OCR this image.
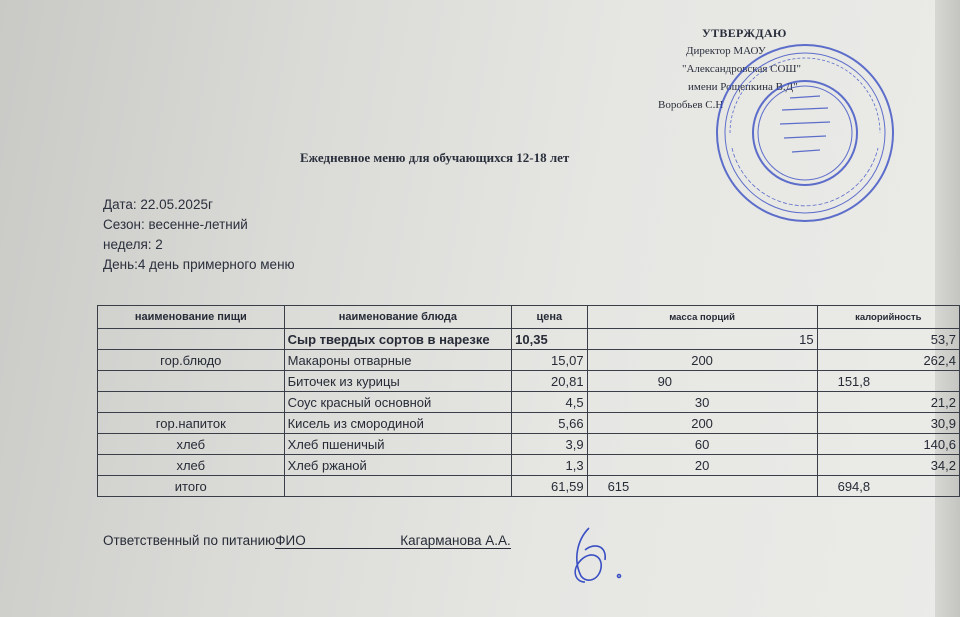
УТВЕРЖДАЮ
Директор МАОУ
"Александровская СОШ"
имени Рощепкина В.Д"
Воробьев С.Н
Ежедневное меню для обучающихся 12-18 лет
Дата: 22.05.2025г
Сезон: весенне-летний
неделя: 2
День:4 день примерного меню
наименование пищи	наименование блюда	цена	масса порций	калорийность
	Сыр твердых сортов в нарезке	10,35	15	53,7
гор.блюдо	Макароны отварные	15,07	200	262,4
	Биточек из курицы	20,81	90	151,8
	Соус красный основной	4,5	30	21,2
гор.напиток	Кисель из смородиной	5,66	200	30,9
хлеб	Хлеб пшеничый	3,9	60	140,6
хлеб	Хлеб ржаной	1,3	20	34,2
итого		61,59	615	694,8
Ответственный по питаниюФИО	Кагарманова А.А.
